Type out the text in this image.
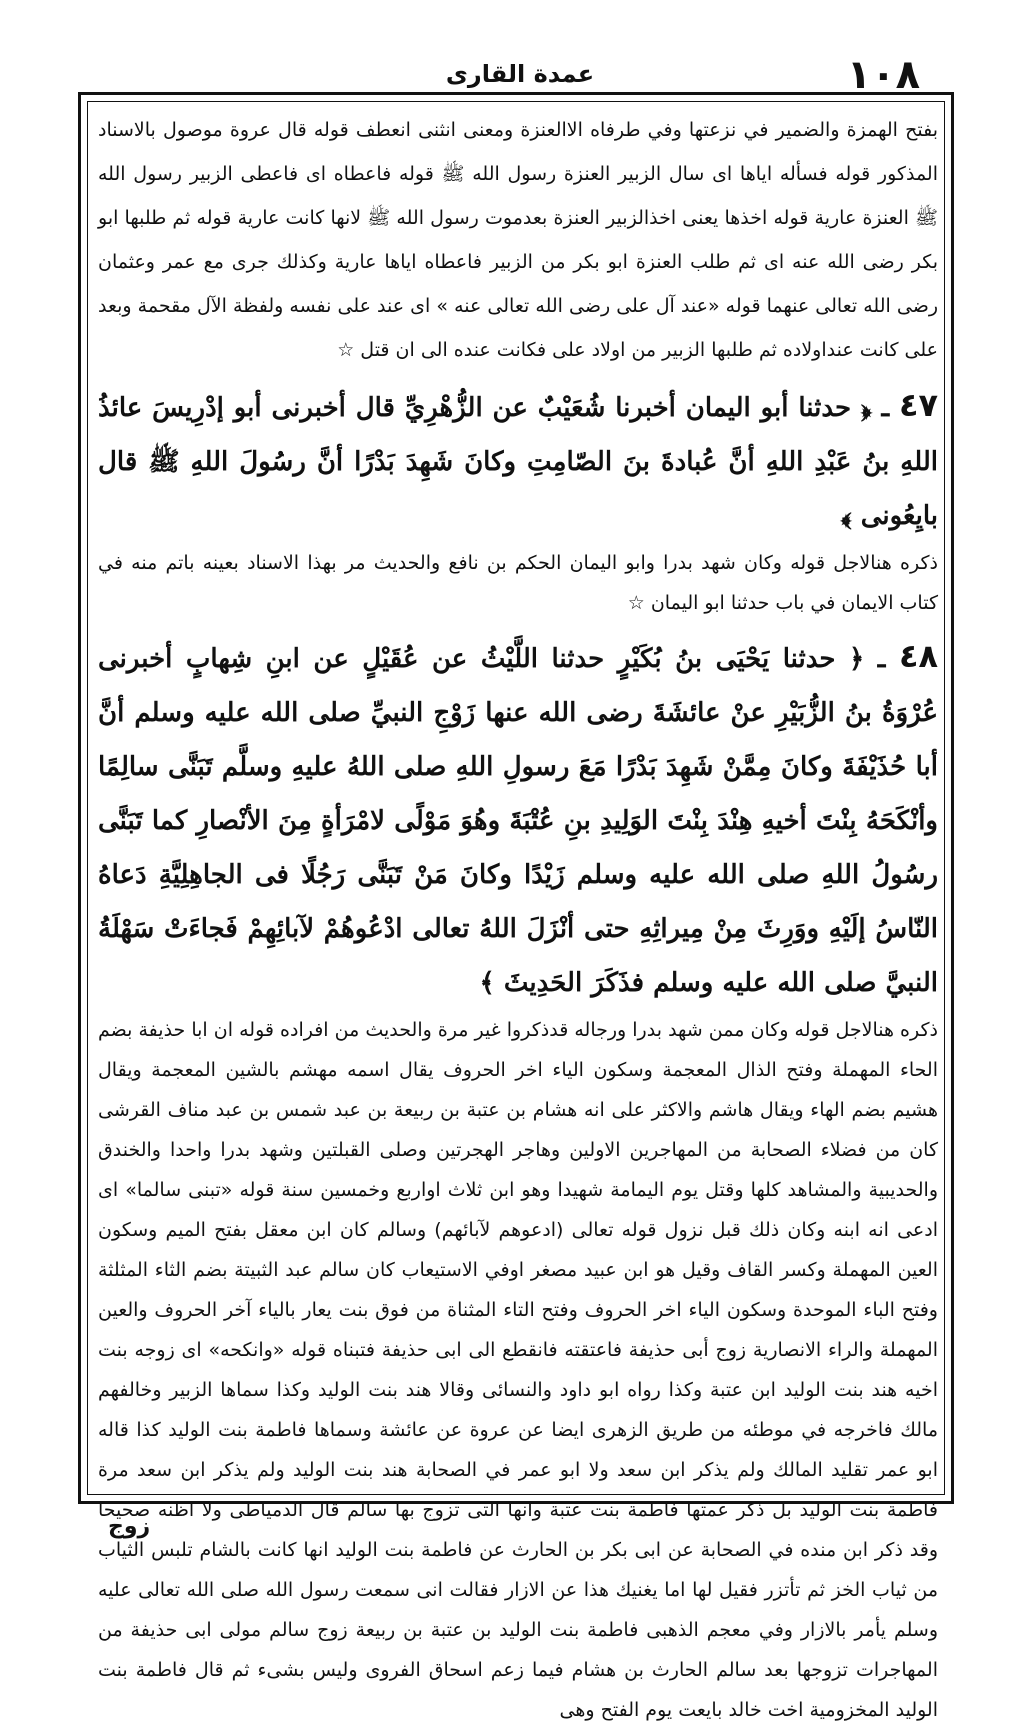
عمدة القارى	١٠٨

بفتح الهمزة والضمير في نزعتها وفي طرفاه الاالعنزة ومعنى انثنى انعطف قوله قال عروة موصول بالاسناد المذكور قوله فسأله اياها اى سال الزبير العنزة رسول الله ﷺ قوله فاعطاه اى فاعطى الزبير رسول الله ﷺ العنزة عارية قوله اخذها يعنى اخذالزبير العنزة بعدموت رسول الله ﷺ لانها كانت عارية قوله ثم طلبها ابو بكر رضى الله عنه اى ثم طلب العنزة ابو بكر من الزبير فاعطاه اياها عارية وكذلك جرى مع عمر وعثمان رضى الله تعالى عنهما قوله «عند آل على رضى الله تعالى عنه » اى عند على نفسه ولفظة الآل مقحمة وبعد على كانت عنداولاده ثم طلبها الزبير من اولاد على فكانت عنده الى ان قتل ☆

٤٧ ـ ﴿ حدثنا أبو اليمان أخبرنا شُعَيْبٌ عن الزُّهْرِيِّ قال أخبرنى أبو إدْرِيسَ عائذُ اللهِ بنُ عَبْدِ اللهِ أنَّ عُبادةَ بنَ الصّامِتِ وكانَ شَهِدَ بَدْرًا أنَّ رسُولَ اللهِ ﷺ قال بايِعُونى ﴾

ذكره هنالاجل قوله وكان شهد بدرا وابو اليمان الحكم بن نافع والحديث مر بهذا الاسناد بعينه باتم منه في كتاب الايمان في باب حدثنا ابو اليمان ☆

٤٨ ـ ﴿ حدثنا يَحْيَى بنُ بُكَيْرٍ حدثنا اللَّيْثُ عن عُقَيْلٍ عن ابنِ شِهابٍ أخبرنى عُرْوَةُ بنُ الزُّبَيْرِ عنْ عائشَةَ رضى الله عنها زَوْجِ النبيِّ صلى الله عليه وسلم أنَّ أبا حُذَيْفَةَ وكانَ مِمَّنْ شَهِدَ بَدْرًا مَعَ رسولِ اللهِ صلى اللهُ عليهِ وسلَّم تَبَنَّى سالِمًا وأنْكَحَهُ بِنْتَ أخيهِ هِنْدَ بِنْتَ الوَلِيدِ بنِ عُتْبَةَ وهُوَ مَوْلًى لامْرَأةٍ مِنَ الأنْصارِ كما تَبَنَّى رسُولُ اللهِ صلى الله عليه وسلم زَيْدًا وكانَ مَنْ تَبَنَّى رَجُلًا فى الجاهِلِيَّةِ دَعاهُ النّاسُ إلَيْهِ ووَرِثَ مِنْ مِيراثِهِ حتى أنْزَلَ اللهُ تعالى ادْعُوهُمْ لآبائِهِمْ فَجاءَتْ سَهْلَةُ النبيَّ صلى الله عليه وسلم فذَكَرَ الحَدِيثَ ﴾

ذكره هنالاجل قوله وكان ممن شهد بدرا ورجاله قدذكروا غير مرة والحديث من افراده قوله ان ابا حذيفة بضم الحاء المهملة وفتح الذال المعجمة وسكون الياء اخر الحروف يقال اسمه مهشم بالشين المعجمة ويقال هشيم بضم الهاء ويقال هاشم والاكثر على انه هشام بن عتبة بن ربيعة بن عبد شمس بن عبد مناف القرشى كان من فضلاء الصحابة من المهاجرين الاولين وهاجر الهجرتين وصلى القبلتين وشهد بدرا واحدا والخندق والحديبية والمشاهد كلها وقتل يوم اليمامة شهيدا وهو ابن ثلاث اواربع وخمسين سنة قوله «تبنى سالما» اى ادعى انه ابنه وكان ذلك قبل نزول قوله تعالى (ادعوهم لآبائهم) وسالم كان ابن معقل بفتح الميم وسكون العين المهملة وكسر القاف وقيل هو ابن عبيد مصغر اوفي الاستيعاب كان سالم عبد الثبيتة بضم الثاء المثلثة وفتح الباء الموحدة وسكون الياء اخر الحروف وفتح التاء المثناة من فوق بنت يعار بالياء آخر الحروف والعين المهملة والراء الانصارية زوج أبى حذيفة فاعتقته فانقطع الى ابى حذيفة فتبناه قوله «وانكحه» اى زوجه بنت اخيه هند بنت الوليد ابن عتبة وكذا رواه ابو داود والنسائى وقالا هند بنت الوليد وكذا سماها الزبير وخالفهم مالك فاخرجه في موطئه من طريق الزهرى ايضا عن عروة عن عائشة وسماها فاطمة بنت الوليد كذا قاله ابو عمر تقليد المالك ولم يذكر ابن سعد ولا ابو عمر في الصحابة هند بنت الوليد ولم يذكر ابن سعد مرة فاطمة بنت الوليد بل ذكر عمتها فاطمة بنت عتبة وانها التى تزوج بها سالم قال الدمياطى ولا اظنه صحيحا وقد ذكر ابن منده في الصحابة عن ابى بكر بن الحارث عن فاطمة بنت الوليد انها كانت بالشام تلبس الثياب من ثياب الخز ثم تأتزر فقيل لها اما يغنيك هذا عن الازار فقالت انى سمعت رسول الله صلى الله تعالى عليه وسلم يأمر بالازار وفي معجم الذهبى فاطمة بنت الوليد بن عتبة بن ربيعة زوج سالم مولى ابى حذيفة من المهاجرات تزوجها بعد سالم الحارث بن هشام فيما زعم اسحاق الفروى وليس بشىء ثم قال فاطمة بنت الوليد المخزومية اخت خالد بايعت يوم الفتح وهى

زوج
